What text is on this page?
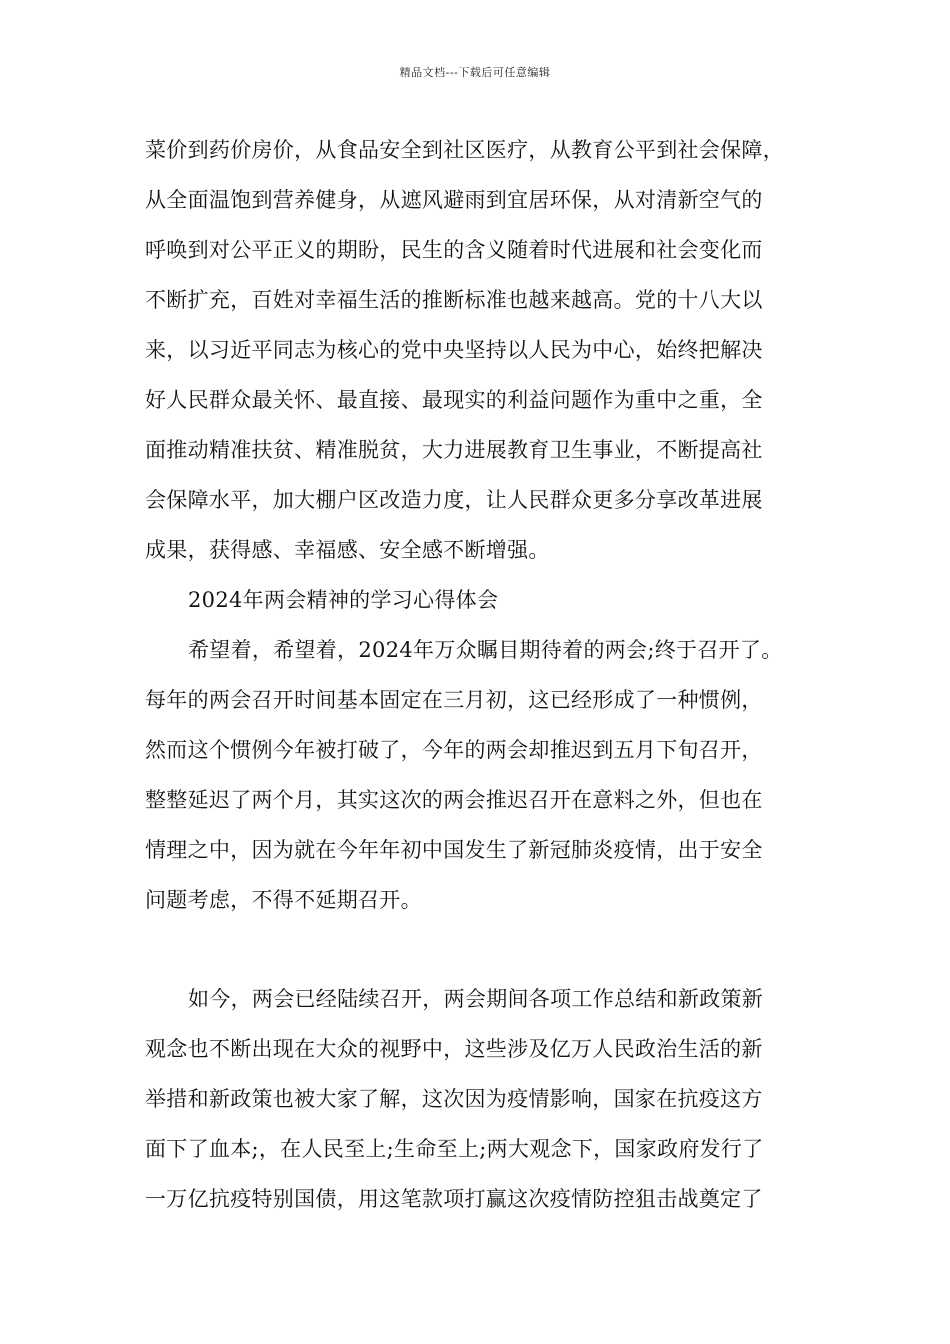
精品文档---下载后可任意编辑
菜价到药价房价，从食品安全到社区医疗，从教育公平到社会保障，
从全面温饱到营养健身，从遮风避雨到宜居环保，从对清新空气的
呼唤到对公平正义的期盼，民生的含义随着时代进展和社会变化而
不断扩充，百姓对幸福生活的推断标准也越来越高。党的十八大以
来，以习近平同志为核心的党中央坚持以人民为中心，始终把解决
好人民群众最关怀、最直接、最现实的利益问题作为重中之重，全
面推动精准扶贫、精准脱贫，大力进展教育卫生事业，不断提高社
会保障水平，加大棚户区改造力度，让人民群众更多分享改革进展
成果，获得感、幸福感、安全感不断增强。
2024年两会精神的学习心得体会
希望着，希望着，2024年万众瞩目期待着的两会;终于召开了。
每年的两会召开时间基本固定在三月初，这已经形成了一种惯例，
然而这个惯例今年被打破了，今年的两会却推迟到五月下旬召开，
整整延迟了两个月，其实这次的两会推迟召开在意料之外，但也在
情理之中，因为就在今年年初中国发生了新冠肺炎疫情，出于安全
问题考虑，不得不延期召开。
如今，两会已经陆续召开，两会期间各项工作总结和新政策新
观念也不断出现在大众的视野中，这些涉及亿万人民政治生活的新
举措和新政策也被大家了解，这次因为疫情影响，国家在抗疫这方
面下了血本;，在人民至上;生命至上;两大观念下，国家政府发行了
一万亿抗疫特别国债，用这笔款项打赢这次疫情防控狙击战奠定了
